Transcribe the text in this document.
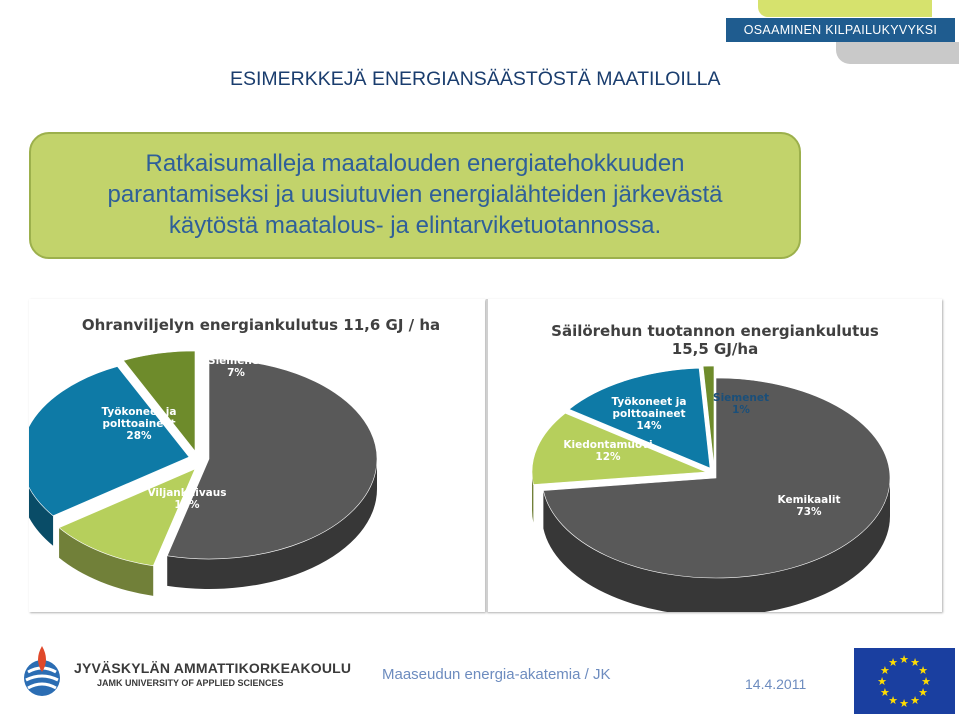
OSAAMINEN KILPAILUKYVYKSI
ESIMERKKEJÄ ENERGIANSÄÄSTÖSTÄ MAATILOILLA
Ratkaisumalleja maatalouden energiatehokkuuden
parantamiseksi ja uusiutuvien energialähteiden järkevästä
käytöstä maatalous- ja elintarviketuotannossa.
Ohranviljelyn energiankulutus 11,6 GJ / ha
Kemikaalit 54%
Viljankuivaus 11%
Työkoneet ja polttoaineet 28%
Siemenet 7%
Säilörehun tuotannon energiankulutus
15,5 GJ/ha
Kemikaalit 73%
Kiedontamuovi 12%
Työkoneet ja polttoaineet 14%
Siemenet 1%
JYVÄSKYLÄN AMMATTIKORKEAKOULU
JAMK UNIVERSITY OF APPLIED SCIENCES	Maaseudun energia-akatemia / JK
14.4.2011	★
★
★
★
★
★
★
★
★ ★ ★
★
